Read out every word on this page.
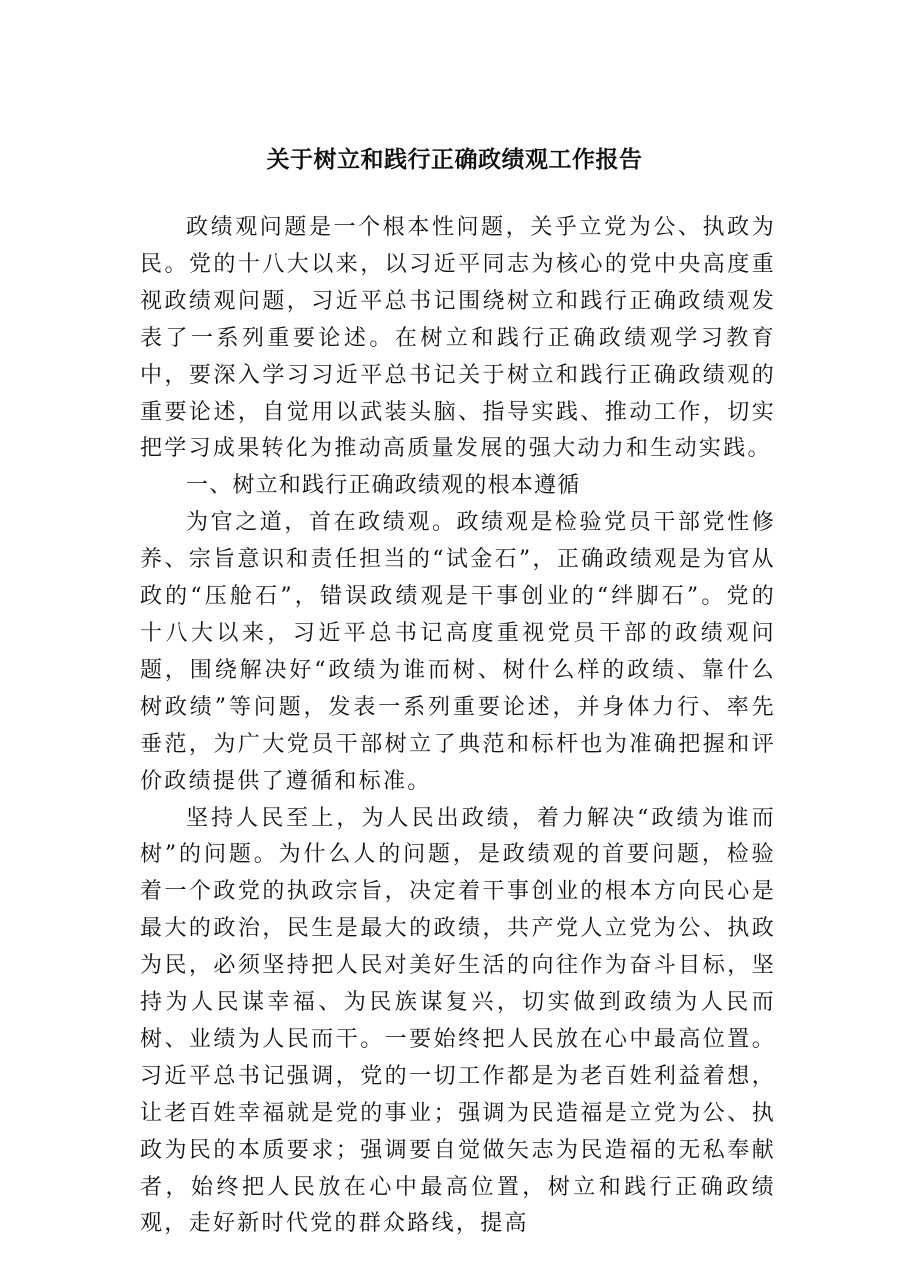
关于树立和践行正确政绩观工作报告

政绩观问题是一个根本性问题，关乎立党为公、执政为民。党的十八大以来，以习近平同志为核心的党中央高度重视政绩观问题，习近平总书记围绕树立和践行正确政绩观发表了一系列重要论述。在树立和践行正确政绩观学习教育中，要深入学习习近平总书记关于树立和践行正确政绩观的重要论述，自觉用以武装头脑、指导实践、推动工作，切实把学习成果转化为推动高质量发展的强大动力和生动实践。

一、树立和践行正确政绩观的根本遵循

为官之道，首在政绩观。政绩观是检验党员干部党性修养、宗旨意识和责任担当的“试金石”，正确政绩观是为官从政的“压舱石”，错误政绩观是干事创业的“绊脚石”。党的十八大以来，习近平总书记高度重视党员干部的政绩观问题，围绕解决好“政绩为谁而树、树什么样的政绩、靠什么树政绩”等问题，发表一系列重要论述，并身体力行、率先垂范，为广大党员干部树立了典范和标杆也为准确把握和评价政绩提供了遵循和标准。

坚持人民至上，为人民出政绩，着力解决“政绩为谁而树”的问题。为什么人的问题，是政绩观的首要问题，检验着一个政党的执政宗旨，决定着干事创业的根本方向民心是最大的政治，民生是最大的政绩，共产党人立党为公、执政为民，必须坚持把人民对美好生活的向往作为奋斗目标，坚持为人民谋幸福、为民族谋复兴，切实做到政绩为人民而树、业绩为人民而干。一要始终把人民放在心中最高位置。习近平总书记强调，党的一切工作都是为老百姓利益着想，让老百姓幸福就是党的事业；强调为民造福是立党为公、执政为民的本质要求；强调要自觉做矢志为民造福的无私奉献者，始终把人民放在心中最高位置，树立和践行正确政绩观，走好新时代党的群众路线，提高
